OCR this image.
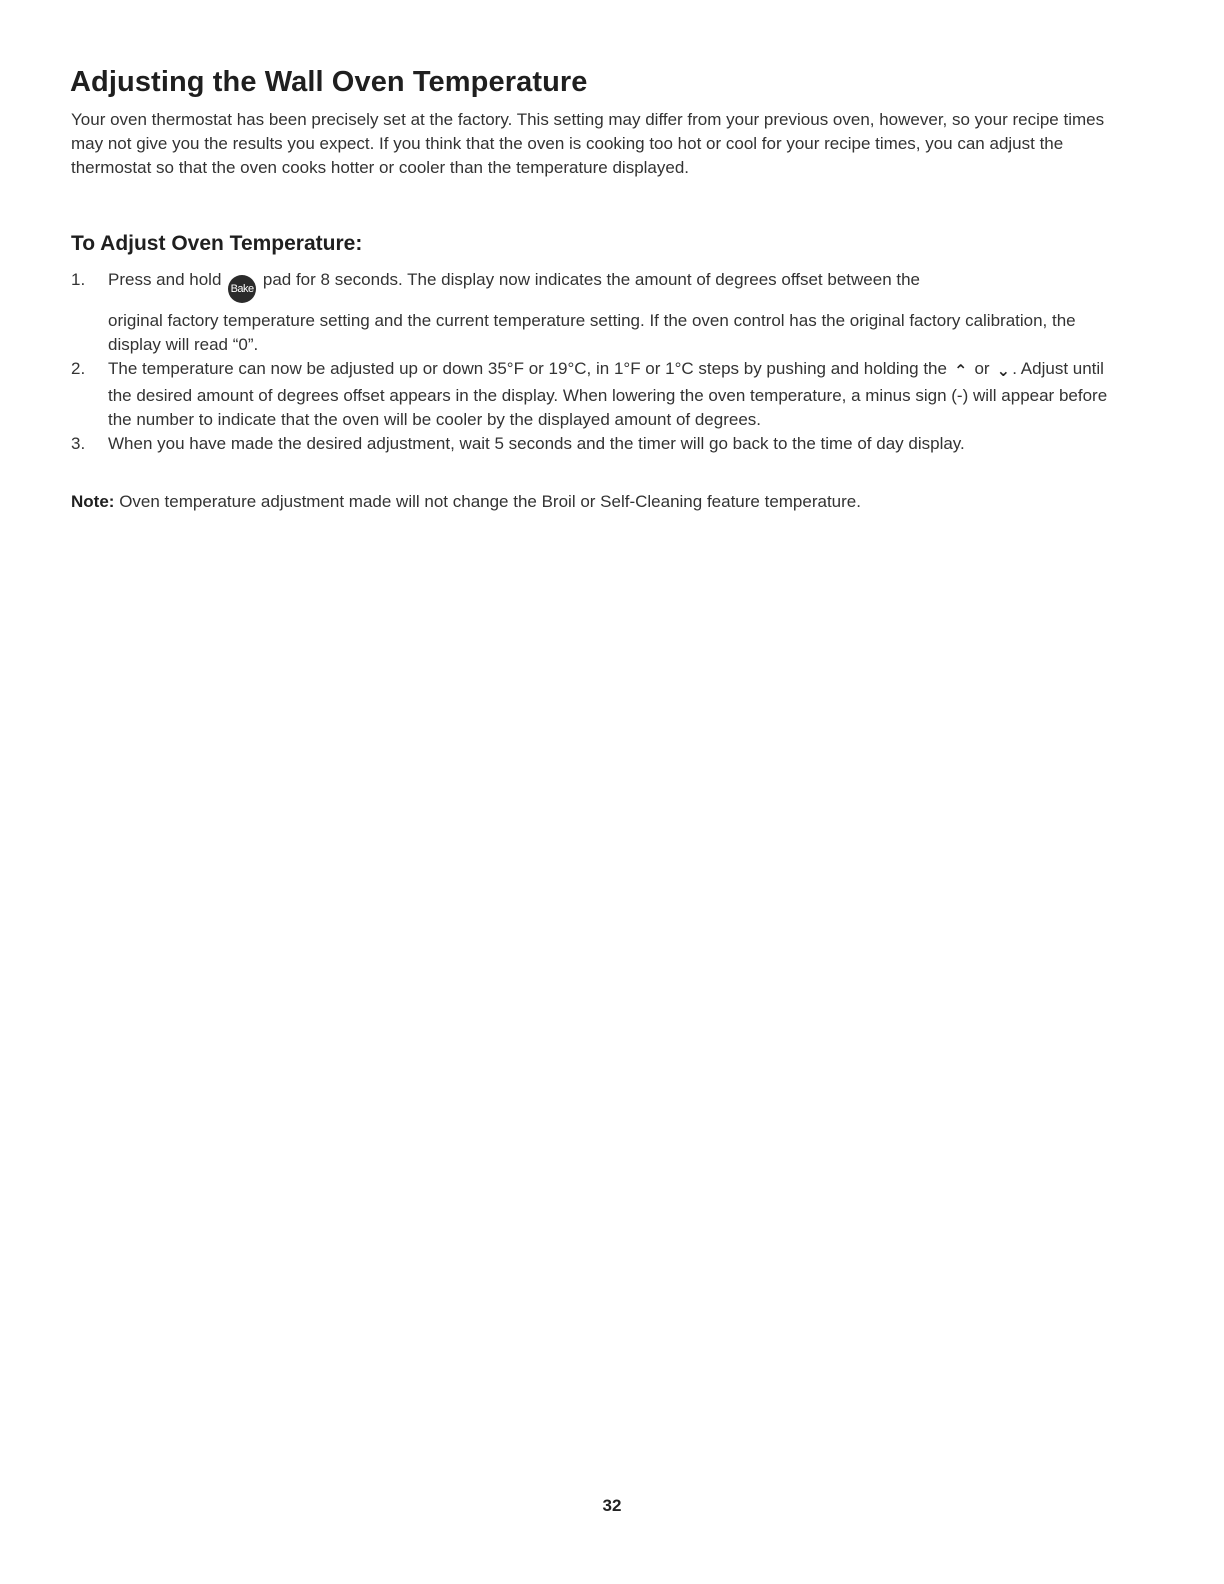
Adjusting the Wall Oven Temperature

Your oven thermostat has been precisely set at the factory. This setting may differ from your previous oven, however, so your recipe times may not give you the results you expect. If you think that the oven is cooking too hot or cool for your recipe times, you can adjust the thermostat so that the oven cooks hotter or cooler than the temperature displayed.

To Adjust Oven Temperature:
1. Press and hold Bake pad for 8 seconds. The display now indicates the amount of degrees offset between the
original factory temperature setting and the current temperature setting. If the oven control has the original factory calibration, the display will read “0”.
2. The temperature can now be adjusted up or down 35°F or 19°C, in 1°F or 1°C steps by pushing and holding the ⌃ or ⌄ . Adjust until the desired amount of degrees offset appears in the display. When lowering the oven temperature, a minus sign (-) will appear before the number to indicate that the oven will be cooler by the displayed amount of degrees.
3. When you have made the desired adjustment, wait 5 seconds and the timer will go back to the time of day display.

Note: Oven temperature adjustment made will not change the Broil or Self-Cleaning feature temperature.

32
